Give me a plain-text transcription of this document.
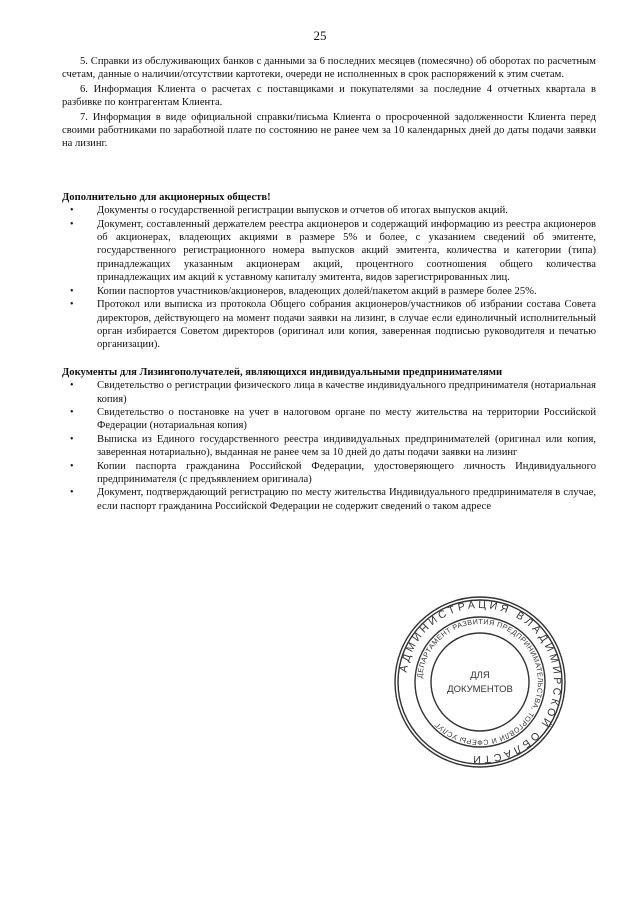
25

5. Справки из обслуживающих банков с данными за 6 последних месяцев (помесячно) об оборотах по расчетным счетам, данные о наличии/отсутствии картотеки, очереди не исполненных в срок распоряжений к этим счетам.

6. Информация Клиента о расчетах с поставщиками и покупателями за последние 4 отчетных квартала в разбивке по контрагентам Клиента.

7. Информация в виде официальной справки/письма Клиента о просроченной задолженности Клиента перед своими работниками по заработной плате по состоянию не ранее чем за 10 календарных дней до даты подачи заявки на лизинг.

Дополнительно для акционерных обществ!

• Документы о государственной регистрации выпусков и отчетов об итогах выпусков акций.
• Документ, составленный держателем реестра акционеров и содержащий информацию из реестра акционеров об акционерах, владеющих акциями в размере 5% и более, с указанием сведений об эмитенте, государственного регистрационного номера выпусков акций эмитента, количества и категории (типа) принадлежащих указанным акционерам акций, процентного соотношения общего количества принадлежащих им акций к уставному капиталу эмитента, видов зарегистрированных лиц.
• Копии паспортов участников/акционеров, владеющих долей/пакетом акций в размере более 25%.
• Протокол или выписка из протокола Общего собрания акционеров/участников об избрании состава Совета директоров, действующего на момент подачи заявки на лизинг, в случае если единоличный исполнительный орган избирается Советом директоров (оригинал или копия, заверенная подписью руководителя и печатью организации).

Документы для Лизингополучателей, являющихся индивидуальными предпринимателями

• Свидетельство о регистрации физического лица в качестве индивидуального предпринимателя (нотариальная копия)
• Свидетельство о постановке на учет в налоговом органе по месту жительства на территории Российской Федерации (нотариальная копия)
• Выписка из Единого государственного реестра индивидуальных предпринимателей (оригинал или копия, заверенная нотариально), выданная не ранее чем за 10 дней до даты подачи заявки на лизинг
• Копии паспорта гражданина Российской Федерации, удостоверяющего личность Индивидуального предпринимателя (с предъявлением оригинала)
• Документ, подтверждающий регистрацию по месту жительства Индивидуального предпринимателя в случае, если паспорт гражданина Российской Федерации не содержит сведений о таком адресе
АДМИНИСТРАЦИЯ ВЛАДИМИРСКОЙ ОБЛАСТИ
ДЕПАРТАМЕНТ РАЗВИТИЯ ПРЕДПРИНИМАТЕЛЬСТВА, ТОРГОВЛИ И СФЕРЫ УСЛУГ
ДЛЯ
ДОКУМЕНТОВ
